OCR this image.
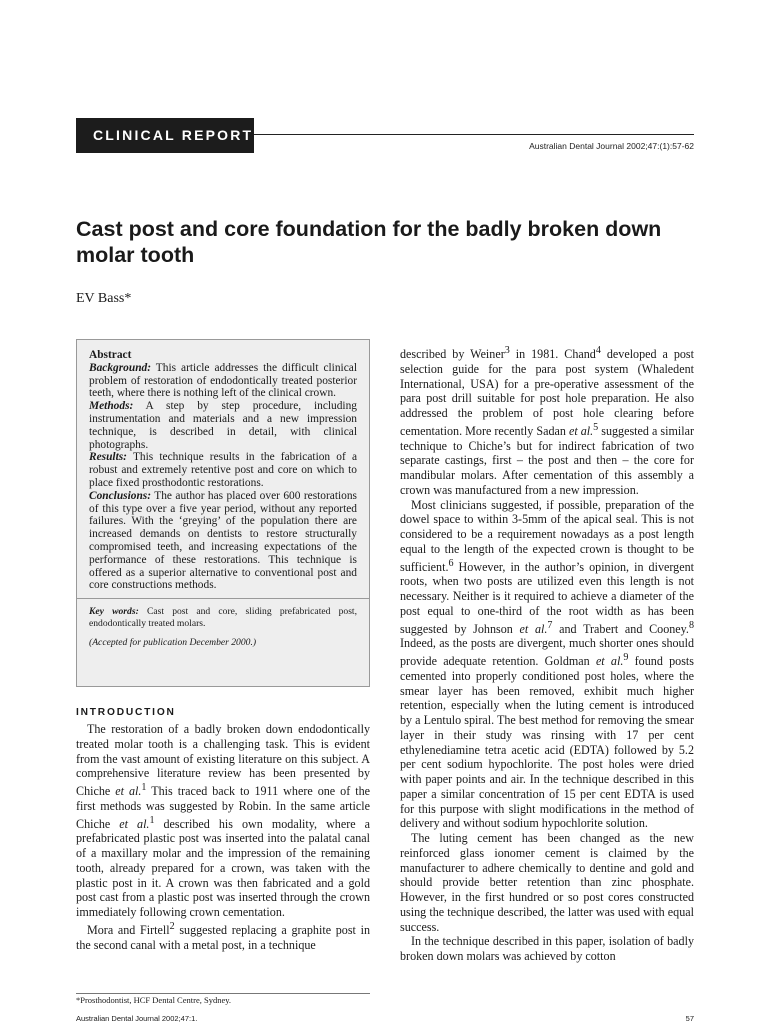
CLINICAL REPORT
Australian Dental Journal 2002;47:(1):57-62
Cast post and core foundation for the badly broken down molar tooth
EV Bass*

Abstract

Background: This article addresses the difficult clinical problem of restoration of endodontically treated posterior teeth, where there is nothing left of the clinical crown.

Methods: A step by step procedure, including instrumentation and materials and a new impression technique, is described in detail, with clinical photographs.

Results: This technique results in the fabrication of a robust and extremely retentive post and core on which to place fixed prosthodontic restorations.

Conclusions: The author has placed over 600 restorations of this type over a five year period, without any reported failures. With the ‘greying’ of the population there are increased demands on dentists to restore structurally compromised teeth, and increasing expectations of the performance of these restorations. This technique is offered as a superior alternative to conventional post and core constructions methods.

Key words: Cast post and core, sliding prefabricated post, endodontically treated molars.

(Accepted for publication December 2000.)

INTRODUCTION

The restoration of a badly broken down endodontically treated molar tooth is a challenging task. This is evident from the vast amount of existing literature on this subject. A comprehensive literature review has been presented by Chiche et al.$^1$ This traced back to 1911 where one of the first methods was suggested by Robin. In the same article Chiche et al.$^1$ described his own modality, where a prefabricated plastic post was inserted into the palatal canal of a maxillary molar and the impression of the remaining tooth, already prepared for a crown, was taken with the plastic post in it. A crown was then fabricated and a gold post cast from a plastic post was inserted through the crown immediately following crown cementation.

Mora and Firtell$^2$ suggested replacing a graphite post in the second canal with a metal post, in a technique

described by Weiner$^3$ in 1981. Chand$^4$ developed a post selection guide for the para post system (Whaledent International, USA) for a pre-operative assessment of the para post drill suitable for post hole preparation. He also addressed the problem of post hole clearing before cementation. More recently Sadan et al.$^5$ suggested a similar technique to Chiche’s but for indirect fabrication of two separate castings, first – the post and then – the core for mandibular molars. After cementation of this assembly a crown was manufactured from a new impression.

Most clinicians suggested, if possible, preparation of the dowel space to within 3-5mm of the apical seal. This is not considered to be a requirement nowadays as a post length equal to the length of the expected crown is thought to be sufficient.$^6$ However, in the author’s opinion, in divergent roots, when two posts are utilized even this length is not necessary. Neither is it required to achieve a diameter of the post equal to one-third of the root width as has been suggested by Johnson et al.$^7$ and Trabert and Cooney.$^8$ Indeed, as the posts are divergent, much shorter ones should provide adequate retention. Goldman et al.$^9$ found posts cemented into properly conditioned post holes, where the smear layer has been removed, exhibit much higher retention, especially when the luting cement is introduced by a Lentulo spiral. The best method for removing the smear layer in their study was rinsing with 17 per cent ethylenediamine tetra acetic acid (EDTA) followed by 5.2 per cent sodium hypochlorite. The post holes were dried with paper points and air. In the technique described in this paper a similar concentration of 15 per cent EDTA is used for this purpose with slight modifications in the method of delivery and without sodium hypochlorite solution.

The luting cement has been changed as the new reinforced glass ionomer cement is claimed by the manufacturer to adhere chemically to dentine and gold and should provide better retention than zinc phosphate. However, in the first hundred or so post cores constructed using the technique described, the latter was used with equal success.

In the technique described in this paper, isolation of badly broken down molars was achieved by cotton

*Prosthodontist, HCF Dental Centre, Sydney.
Australian Dental Journal 2002;47:1.	57
